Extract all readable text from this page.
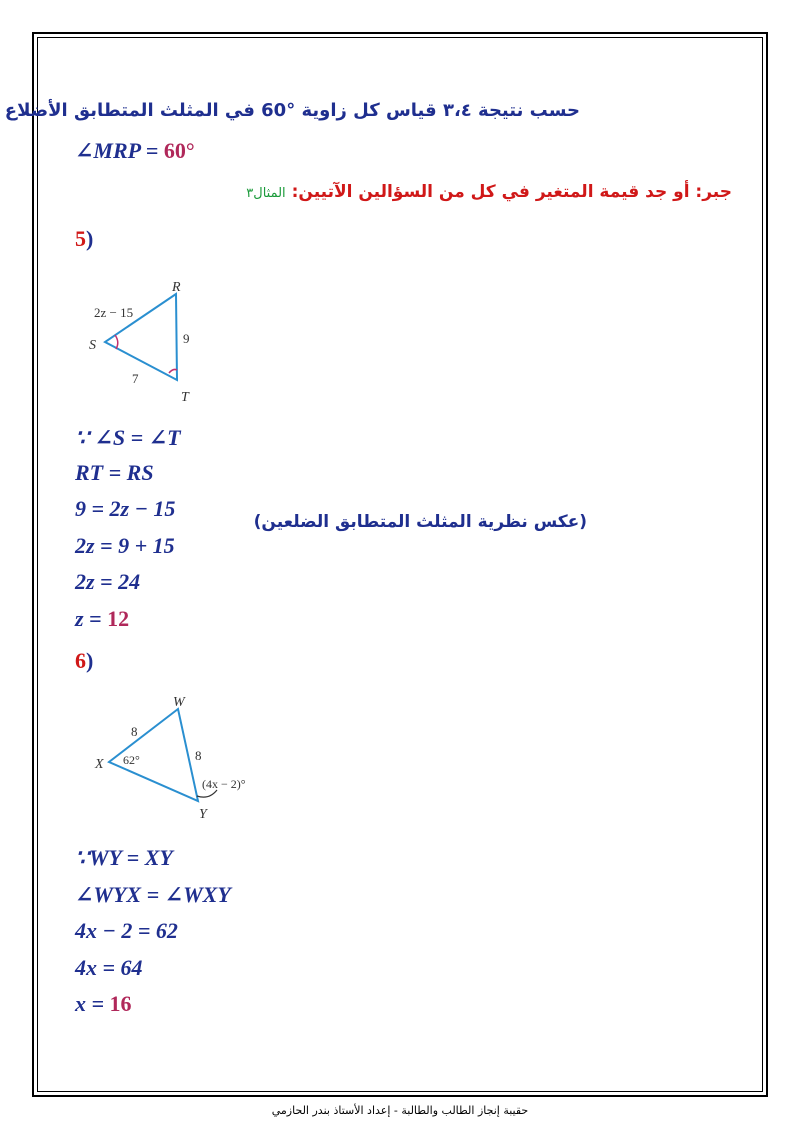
حسب نتيجة ٣،٤ قياس كل زاوية °60 في المثلث المتطابق الأضلاع
∠MRP = 60°
جبر: أو جد قيمة المتغير في كل من السؤالين الآتيين: المثال٣
5)
R
S
T
2z − 15
9
7
∵ ∠S = ∠T
RT = RS
9 = 2z − 15
2z = 9 + 15
2z = 24
z = 12
(عكس نظرية المثلث المتطابق الضلعين)
6)
W
X
Y
8
8
62°
(4x − 2)°
∵WY = XY
∠WYX = ∠WXY
4x − 2 = 62
4x = 64
x = 16
حقيبة إنجاز الطالب والطالبة - إعداد الأستاذ بندر الحازمي
